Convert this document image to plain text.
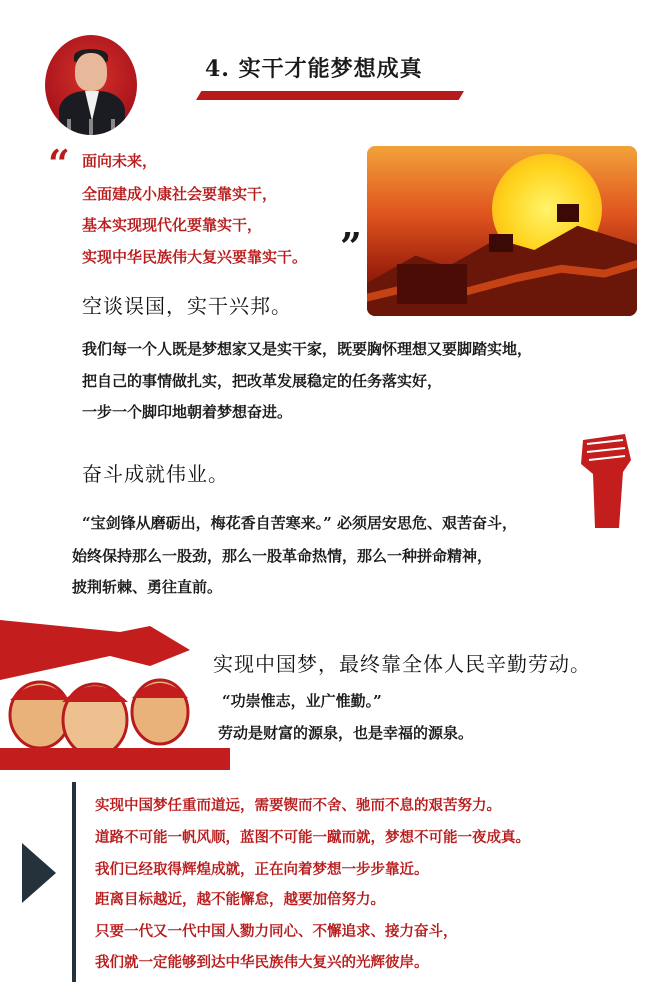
4. 实干才能梦想成真
“ 面向未来，
全面建成小康社会要靠实干，
基本实现现代化要靠实干，
实现中华民族伟大复兴要靠实干。 ”
空谈误国，实干兴邦。
我们每一个人既是梦想家又是实干家，既要胸怀理想又要脚踏实地，
把自己的事情做扎实，把改革发展稳定的任务落实好，
一步一个脚印地朝着梦想奋进。
奋斗成就伟业。
“宝剑锋从磨砺出，梅花香自苦寒来。” 必须居安思危、艰苦奋斗，
始终保持那么一股劲，那么一股革命热情，那么一种拼命精神，
披荆斩棘、勇往直前。
实现中国梦，最终靠全体人民辛勤劳动。
“功崇惟志，业广惟勤。”
劳动是财富的源泉，也是幸福的源泉。
实现中国梦任重而道远，需要锲而不舍、驰而不息的艰苦努力。
道路不可能一帆风顺，蓝图不可能一蹴而就，梦想不可能一夜成真。
我们已经取得辉煌成就，正在向着梦想一步步靠近。
距离目标越近，越不能懈怠，越要加倍努力。
只要一代又一代中国人勠力同心、不懈追求、接力奋斗，
我们就一定能够到达中华民族伟大复兴的光辉彼岸。
